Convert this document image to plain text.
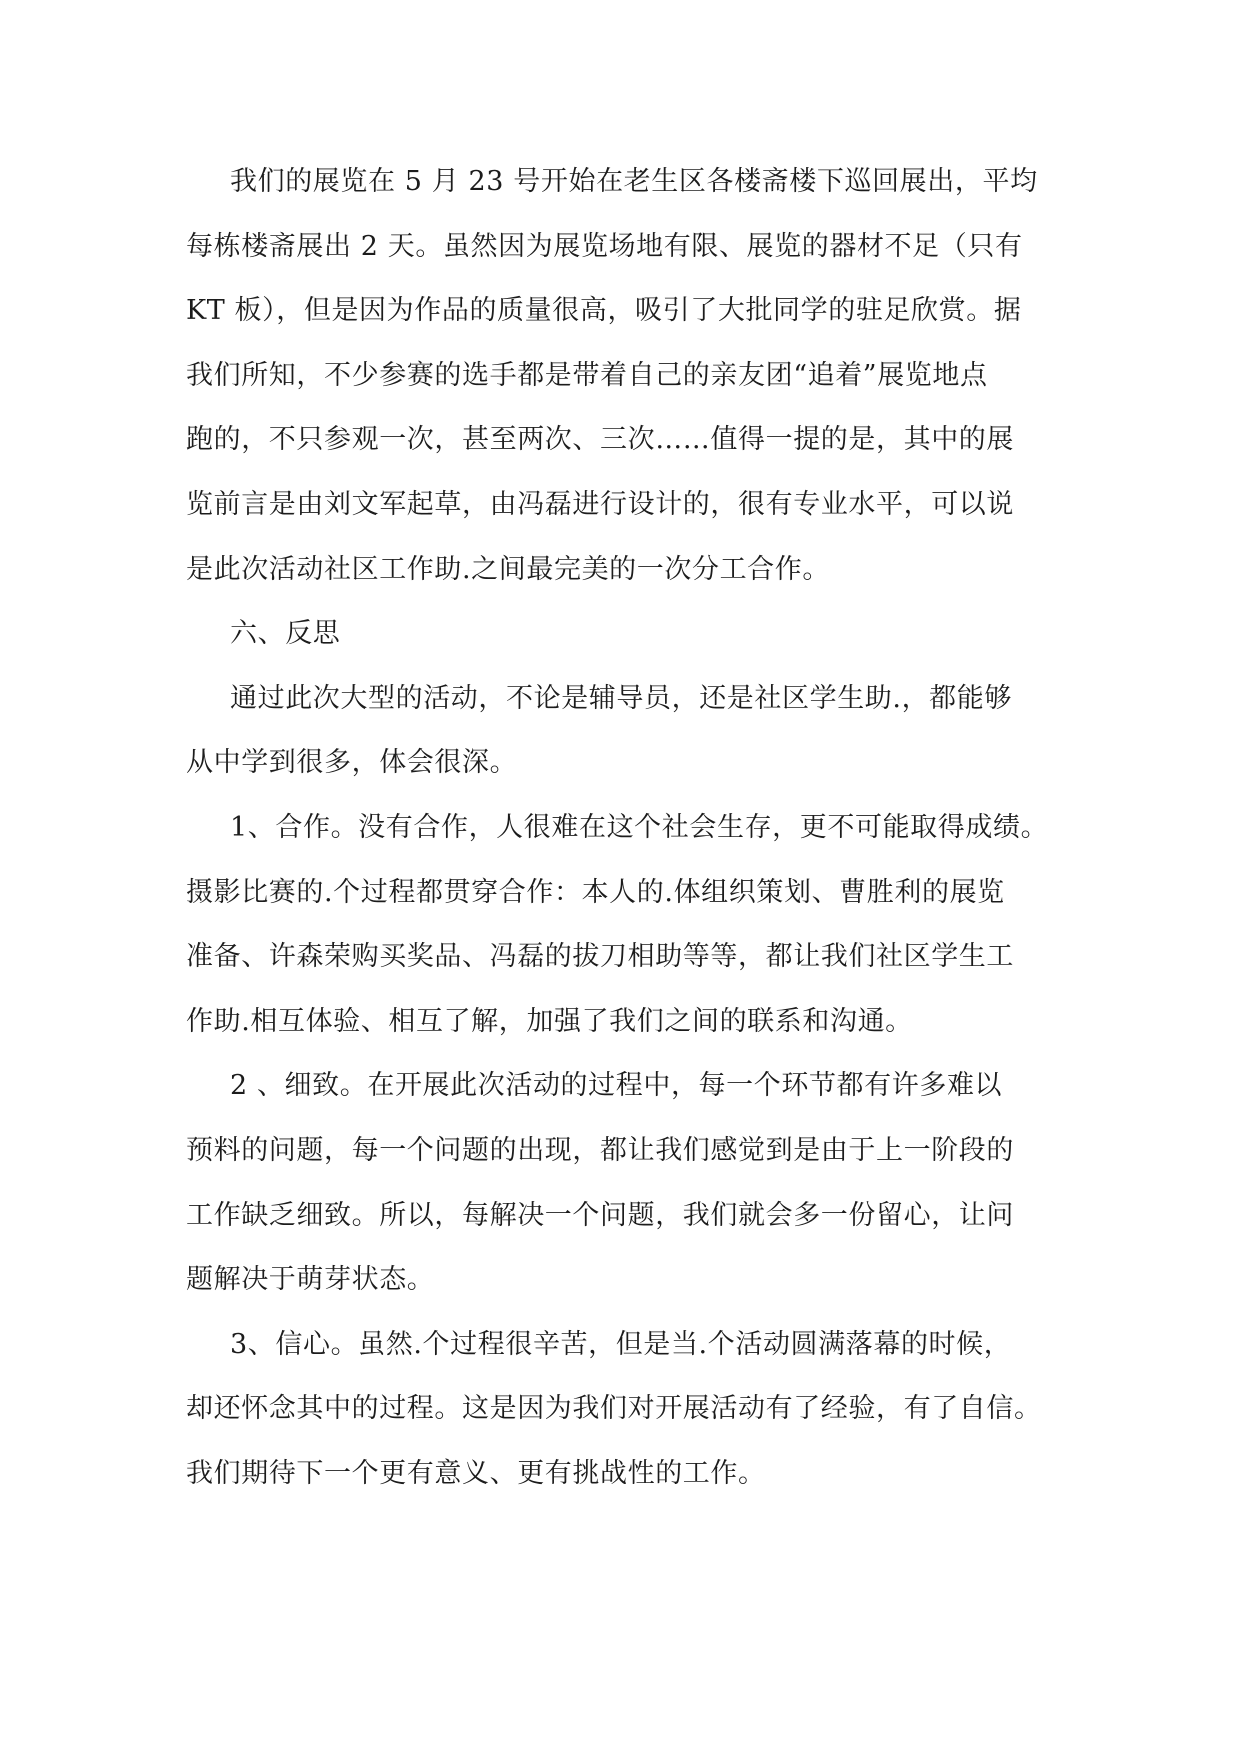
我们的展览在 5 月 23 号开始在老生区各楼斋楼下巡回展出，平均
每栋楼斋展出 2 天。虽然因为展览场地有限、展览的器材不足（只有
KT 板），但是因为作品的质量很高，吸引了大批同学的驻足欣赏。据
我们所知，不少参赛的选手都是带着自己的亲友团“追着”展览地点
跑的，不只参观一次，甚至两次、三次……值得一提的是，其中的展
览前言是由刘文军起草，由冯磊进行设计的，很有专业水平，可以说
是此次活动社区工作助.之间最完美的一次分工合作。
六、反思
通过此次大型的活动，不论是辅导员，还是社区学生助.，都能够
从中学到很多，体会很深。
1、合作。没有合作，人很难在这个社会生存，更不可能取得成绩。
摄影比赛的.个过程都贯穿合作：本人的.体组织策划、曹胜利的展览
准备、许森荣购买奖品、冯磊的拔刀相助等等，都让我们社区学生工
作助.相互体验、相互了解，加强了我们之间的联系和沟通。
2 、细致。在开展此次活动的过程中，每一个环节都有许多难以
预料的问题，每一个问题的出现，都让我们感觉到是由于上一阶段的
工作缺乏细致。所以，每解决一个问题，我们就会多一份留心，让问
题解决于萌芽状态。
3、信心。虽然.个过程很辛苦，但是当.个活动圆满落幕的时候，
却还怀念其中的过程。这是因为我们对开展活动有了经验，有了自信。
我们期待下一个更有意义、更有挑战性的工作。
